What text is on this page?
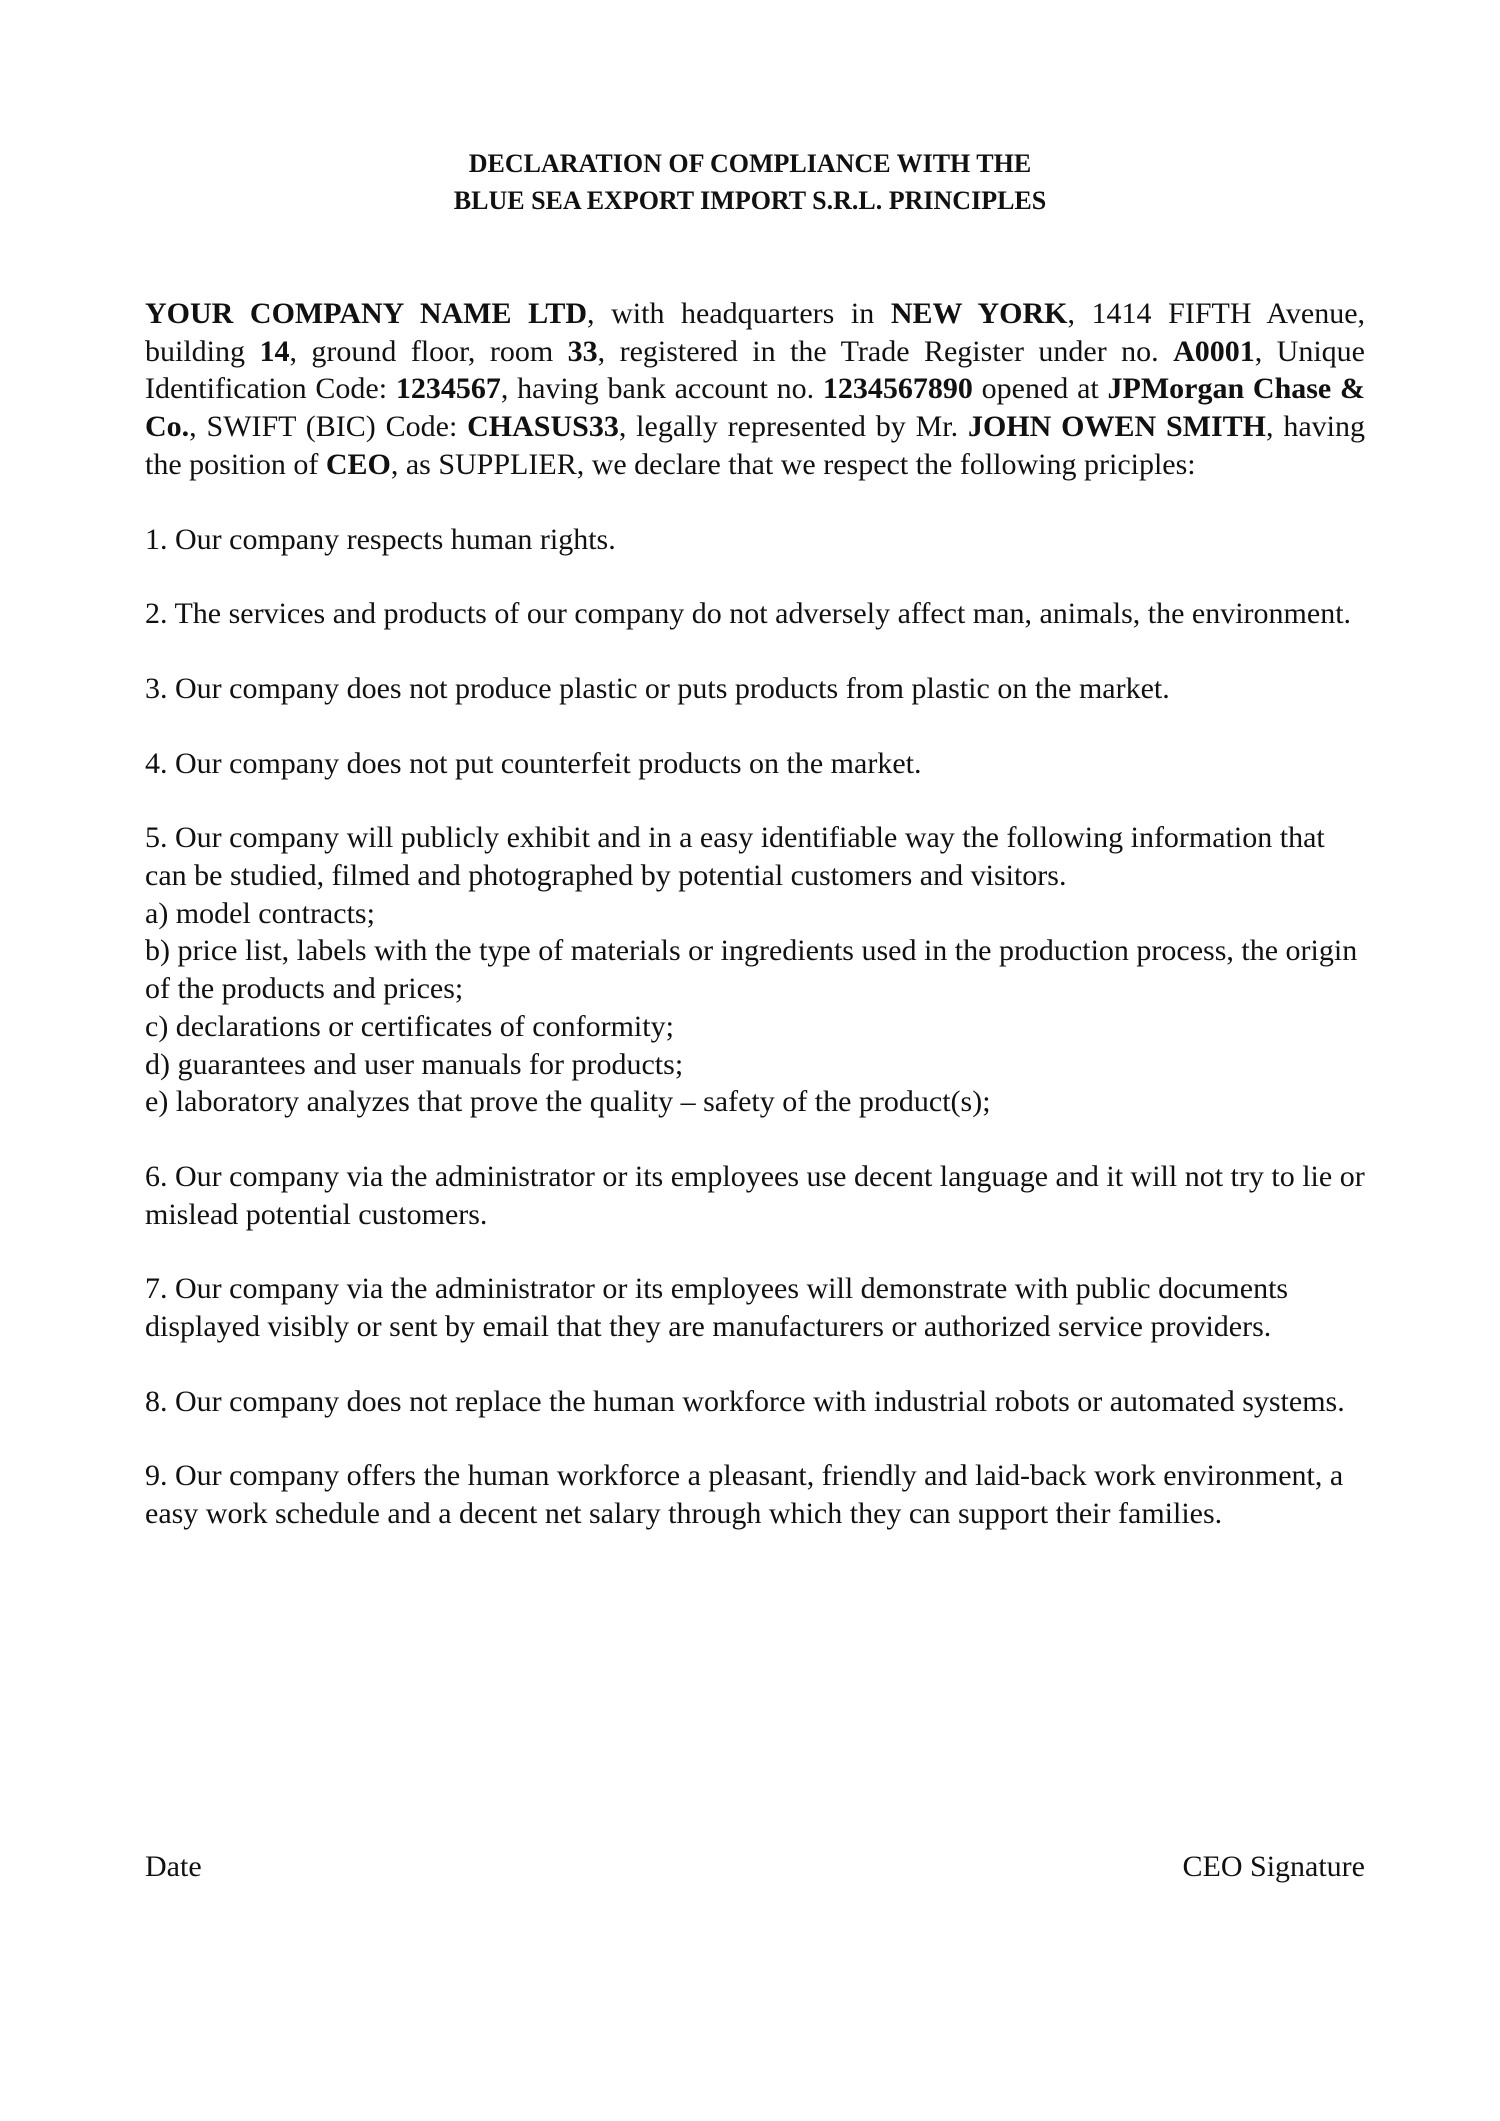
DECLARATION OF COMPLIANCE WITH THE
BLUE SEA EXPORT IMPORT S.R.L. PRINCIPLES

YOUR COMPANY NAME LTD, with headquarters in NEW YORK, 1414 FIFTH Avenue, building 14, ground floor, room 33, registered in the Trade Register under no. A0001, Unique Identification Code: 1234567, having bank account no. 1234567890 opened at JPMorgan Chase & Co., SWIFT (BIC) Code: CHASUS33, legally represented by Mr. JOHN OWEN SMITH, having the position of CEO, as SUPPLIER, we declare that we respect the following priciples:

1. Our company respects human rights.
2. The services and products of our company do not adversely affect man, animals, the environment.
3. Our company does not produce plastic or puts products from plastic on the market.
4. Our company does not put counterfeit products on the market.
5. Our company will publicly exhibit and in a easy identifiable way the following information that can be studied, filmed and photographed by potential customers and visitors.
a) model contracts;
b) price list, labels with the type of materials or ingredients used in the production process, the origin of the products and prices;
c) declarations or certificates of conformity;
d) guarantees and user manuals for products;
e) laboratory analyzes that prove the quality – safety of the product(s);
6. Our company via the administrator or its employees use decent language and it will not try to lie or mislead potential customers.
7. Our company via the administrator or its employees will demonstrate with public documents displayed visibly or sent by email that they are manufacturers or authorized service providers.
8. Our company does not replace the human workforce with industrial robots or automated systems.
9. Our company offers the human workforce a pleasant, friendly and laid-back work environment, a easy work schedule and a decent net salary through which they can support their families.
Date	CEO Signature
